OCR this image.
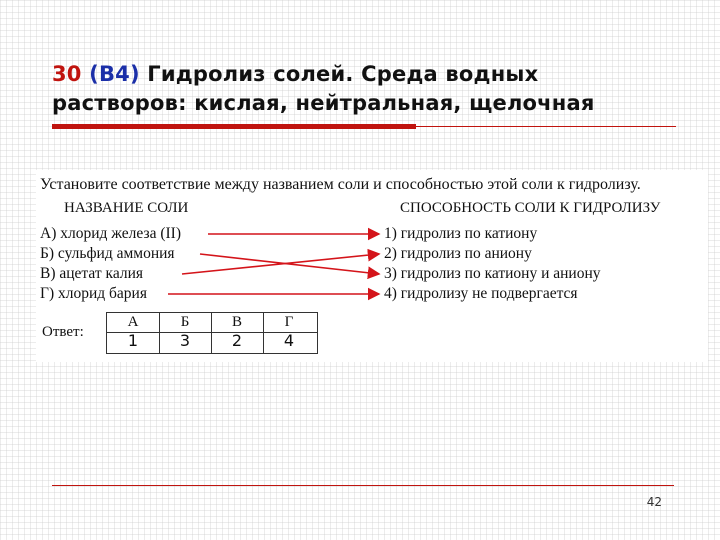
30 (В4) Гидролиз солей. Среда водных
растворов: кислая, нейтральная, щелочная
Установите соответствие между названием соли и способностью этой соли к гидролизу.
НАЗВАНИЕ СОЛИ	СПОСОБНОСТЬ СОЛИ К ГИДРОЛИЗУ
А) хлорид железа (II)
Б) сульфид аммония
В) ацетат калия
Г) хлорид бария
1) гидролиз по катиону
2) гидролиз по аниону
3) гидролиз по катиону и аниону
4) гидролизу не подвергается
Ответ:
А
1
Б
3
В
2
Г
4
42
